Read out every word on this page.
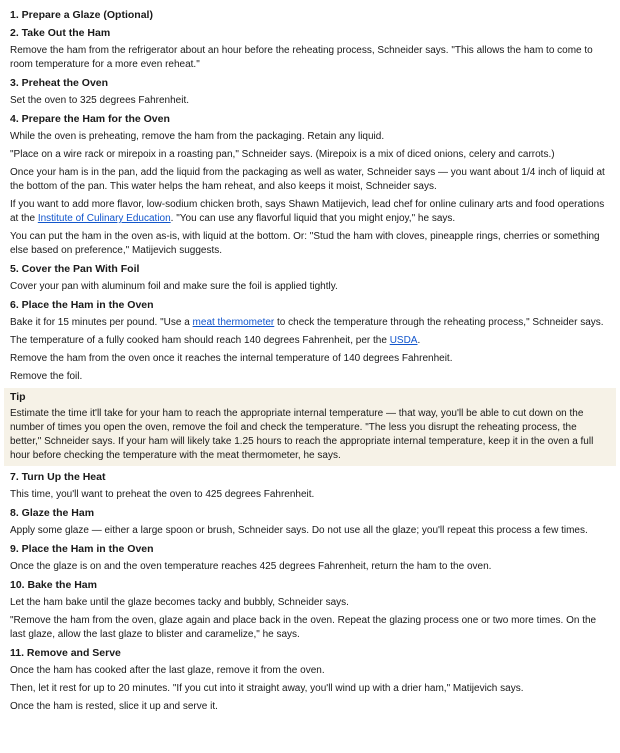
1. Prepare a Glaze (Optional)
2. Take Out the Ham
Remove the ham from the refrigerator about an hour before the reheating process, Schneider says. "This allows the ham to come to room temperature for a more even reheat."
3. Preheat the Oven
Set the oven to 325 degrees Fahrenheit.
4. Prepare the Ham for the Oven
While the oven is preheating, remove the ham from the packaging. Retain any liquid.
"Place on a wire rack or mirepoix in a roasting pan," Schneider says. (Mirepoix is a mix of diced onions, celery and carrots.)
Once your ham is in the pan, add the liquid from the packaging as well as water, Schneider says — you want about 1/4 inch of liquid at the bottom of the pan. This water helps the ham reheat, and also keeps it moist, Schneider says.
If you want to add more flavor, low-sodium chicken broth, says Shawn Matijevich, lead chef for online culinary arts and food operations at the Institute of Culinary Education. "You can use any flavorful liquid that you might enjoy," he says.
You can put the ham in the oven as-is, with liquid at the bottom. Or: "Stud the ham with cloves, pineapple rings, cherries or something else based on preference," Matijevich suggests.
5. Cover the Pan With Foil
Cover your pan with aluminum foil and make sure the foil is applied tightly.
6. Place the Ham in the Oven
Bake it for 15 minutes per pound. "Use a meat thermometer to check the temperature through the reheating process," Schneider says.
The temperature of a fully cooked ham should reach 140 degrees Fahrenheit, per the USDA.
Remove the ham from the oven once it reaches the internal temperature of 140 degrees Fahrenheit.
Remove the foil.
Tip
Estimate the time it'll take for your ham to reach the appropriate internal temperature — that way, you'll be able to cut down on the number of times you open the oven, remove the foil and check the temperature. "The less you disrupt the reheating process, the better," Schneider says. If your ham will likely take 1.25 hours to reach the appropriate internal temperature, keep it in the oven a full hour before checking the temperature with the meat thermometer, he says.
7. Turn Up the Heat
This time, you'll want to preheat the oven to 425 degrees Fahrenheit.
8. Glaze the Ham
Apply some glaze — either a large spoon or brush, Schneider says. Do not use all the glaze; you'll repeat this process a few times.
9. Place the Ham in the Oven
Once the glaze is on and the oven temperature reaches 425 degrees Fahrenheit, return the ham to the oven.
10. Bake the Ham
Let the ham bake until the glaze becomes tacky and bubbly, Schneider says.
"Remove the ham from the oven, glaze again and place back in the oven. Repeat the glazing process one or two more times. On the last glaze, allow the last glaze to blister and caramelize," he says.
11. Remove and Serve
Once the ham has cooked after the last glaze, remove it from the oven.
Then, let it rest for up to 20 minutes. "If you cut into it straight away, you'll wind up with a drier ham," Matijevich says.
Once the ham is rested, slice it up and serve it.
